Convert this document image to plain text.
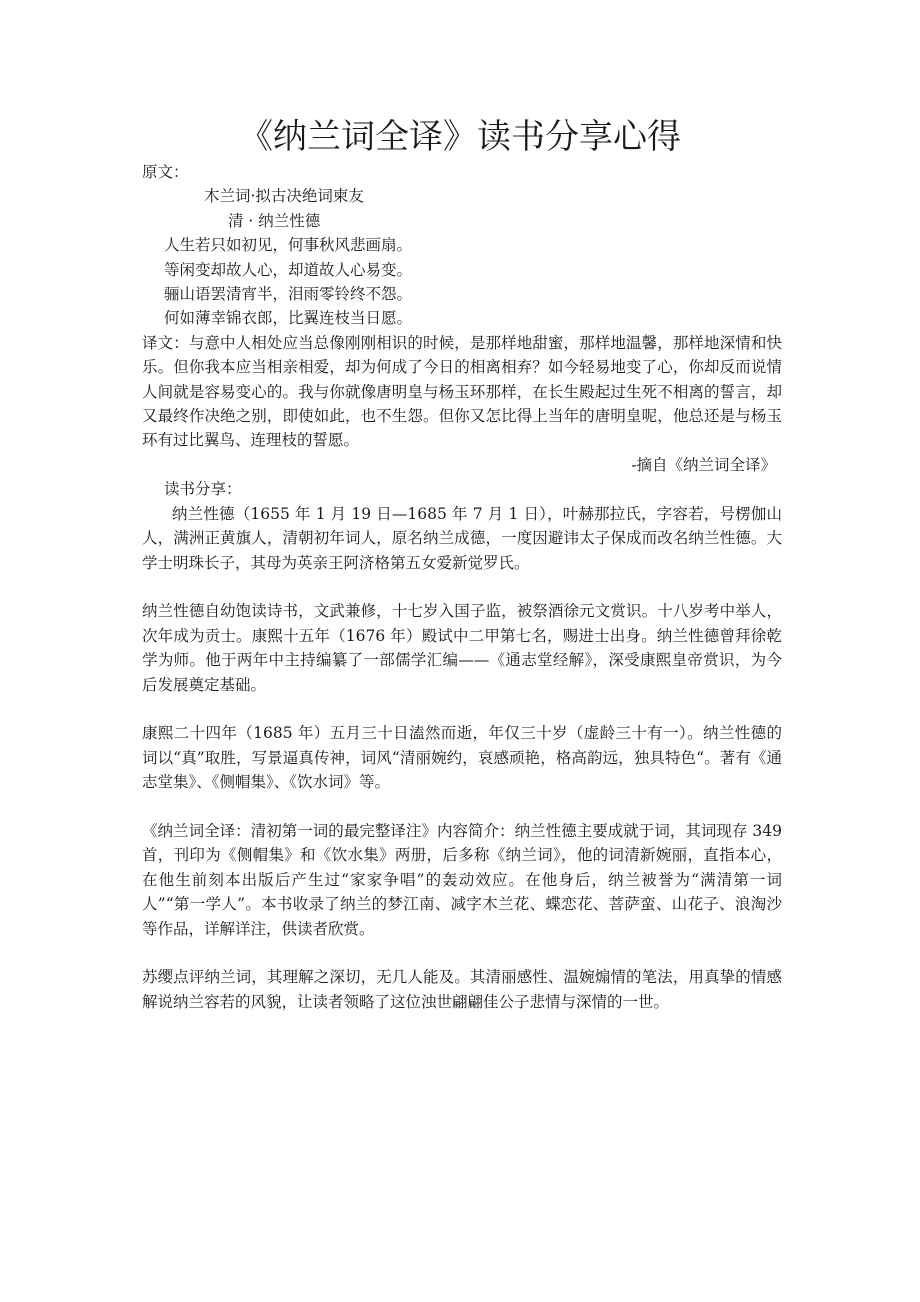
《纳兰词全译》读书分享心得
原文：
木兰词·拟古决绝词柬友
清 · 纳兰性德
人生若只如初见，何事秋风悲画扇。
等闲变却故人心，却道故人心易变。
骊山语罢清宵半，泪雨零铃终不怨。
何如薄幸锦衣郎，比翼连枝当日愿。
译文：与意中人相处应当总像刚刚相识的时候，是那样地甜蜜，那样地温馨，那样地深情和快乐。但你我本应当相亲相爱，却为何成了今日的相离相弃？如今轻易地变了心，你却反而说情人间就是容易变心的。我与你就像唐明皇与杨玉环那样，在长生殿起过生死不相离的誓言，却又最终作决绝之别，即使如此，也不生怨。但你又怎比得上当年的唐明皇呢，他总还是与杨玉环有过比翼鸟、连理枝的誓愿。
-摘自《纳兰词全译》
读书分享：
纳兰性德（1655 年 1 月 19 日—1685 年 7 月 1 日），叶赫那拉氏，字容若，号楞伽山人，满洲正黄旗人，清朝初年词人，原名纳兰成德，一度因避讳太子保成而改名纳兰性德。大学士明珠长子，其母为英亲王阿济格第五女爱新觉罗氏。
纳兰性德自幼饱读诗书，文武兼修，十七岁入国子监，被祭酒徐元文赏识。十八岁考中举人，次年成为贡士。康熙十五年（1676 年）殿试中二甲第七名，赐进士出身。纳兰性德曾拜徐乾学为师。他于两年中主持编纂了一部儒学汇编——《通志堂经解》，深受康熙皇帝赏识，为今后发展奠定基础。
康熙二十四年（1685 年）五月三十日溘然而逝，年仅三十岁（虚龄三十有一）。纳兰性德的词以“真”取胜，写景逼真传神，词风“清丽婉约，哀感顽艳，格高韵远，独具特色“。著有《通志堂集》、《侧帽集》、《饮水词》等。
《纳兰词全译：清初第一词的最完整译注》内容简介：纳兰性德主要成就于词，其词现存 349 首，刊印为《侧帽集》和《饮水集》两册，后多称《纳兰词》，他的词清新婉丽，直指本心，在他生前刻本出版后产生过“家家争唱”的轰动效应。在他身后，纳兰被誉为“满清第一词人”“第一学人”。本书收录了纳兰的梦江南、减字木兰花、蝶恋花、菩萨蛮、山花子、浪淘沙等作品，详解详注，供读者欣赏。
苏缨点评纳兰词，其理解之深切，无几人能及。其清丽感性、温婉煽情的笔法，用真挚的情感解说纳兰容若的风貌，让读者领略了这位浊世翩翩佳公子悲情与深情的一世。
